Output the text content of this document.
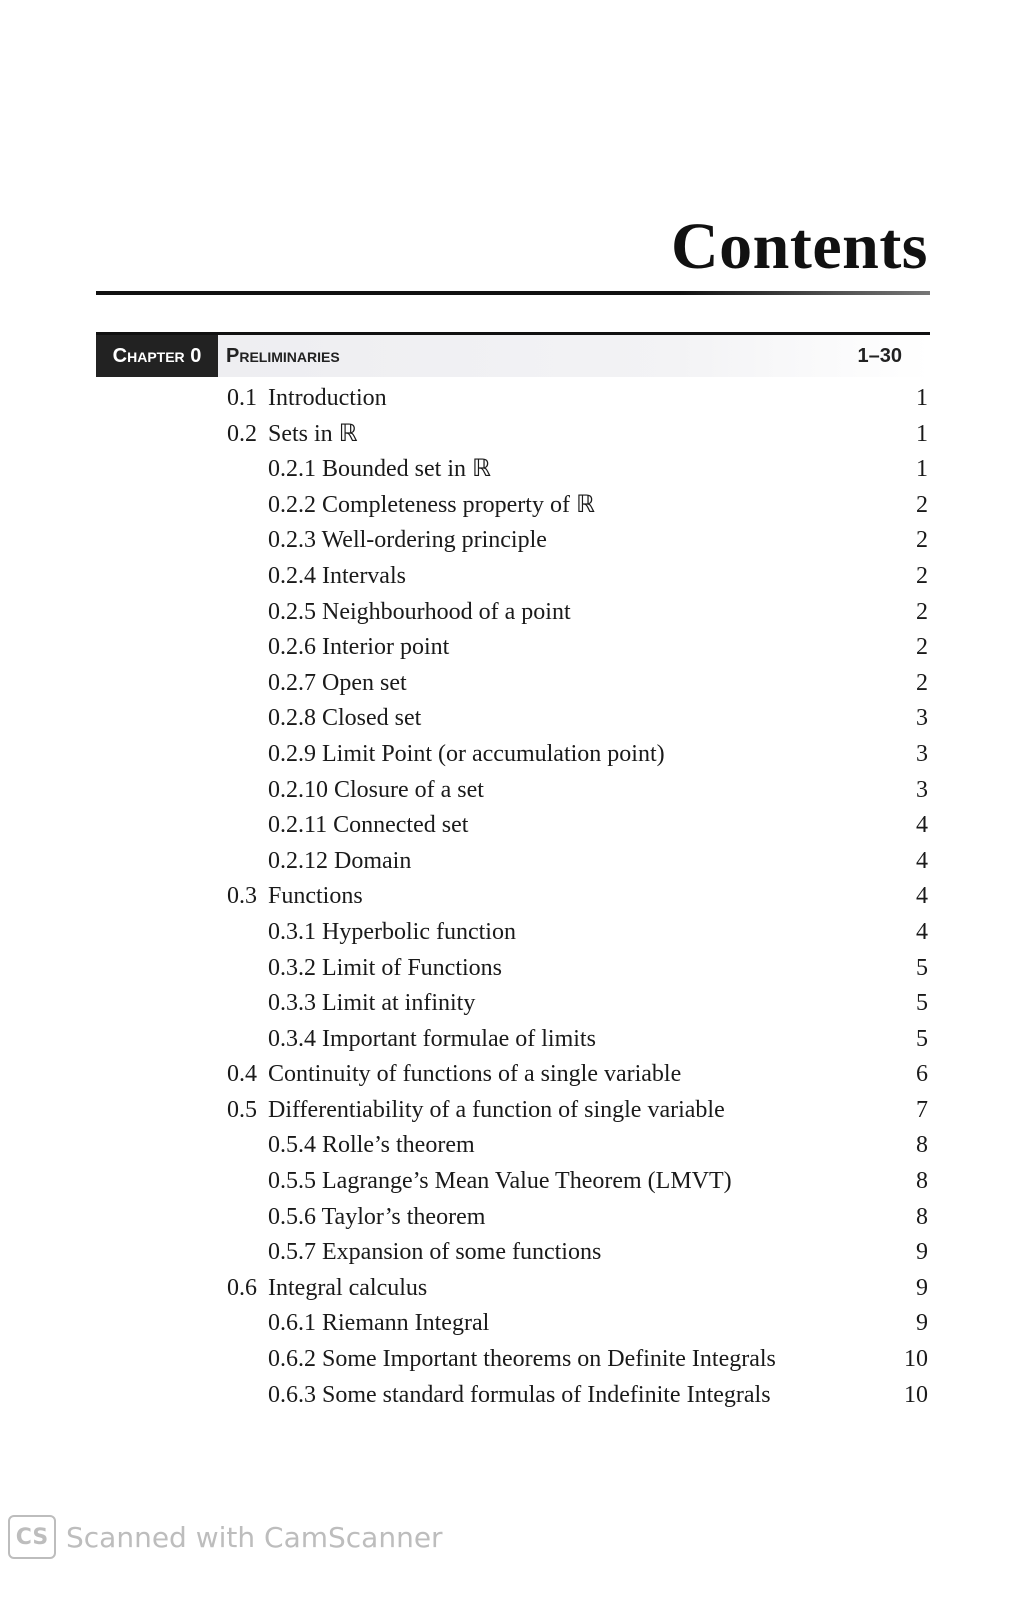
Contents
Chapter 0	Preliminaries	1–30
0.1 Introduction	1
0.2 Sets in ℝ	1
0.2.1 Bounded set in ℝ	1
0.2.2 Completeness property of ℝ	2
0.2.3 Well-ordering principle	2
0.2.4 Intervals	2
0.2.5 Neighbourhood of a point	2
0.2.6 Interior point	2
0.2.7 Open set	2
0.2.8 Closed set	3
0.2.9 Limit Point (or accumulation point)	3
0.2.10 Closure of a set	3
0.2.11 Connected set	4
0.2.12 Domain	4
0.3 Functions	4
0.3.1 Hyperbolic function	4
0.3.2 Limit of Functions	5
0.3.3 Limit at infinity	5
0.3.4 Important formulae of limits	5
0.4 Continuity of functions of a single variable	6
0.5 Differentiability of a function of single variable	7
0.5.4 Rolle’s theorem	8
0.5.5 Lagrange’s Mean Value Theorem (LMVT)	8
0.5.6 Taylor’s theorem	8
0.5.7 Expansion of some functions	9
0.6 Integral calculus	9
0.6.1 Riemann Integral	9
0.6.2 Some Important theorems on Definite Integrals	10
0.6.3 Some standard formulas of Indefinite Integrals	10
CS Scanned with CamScanner
